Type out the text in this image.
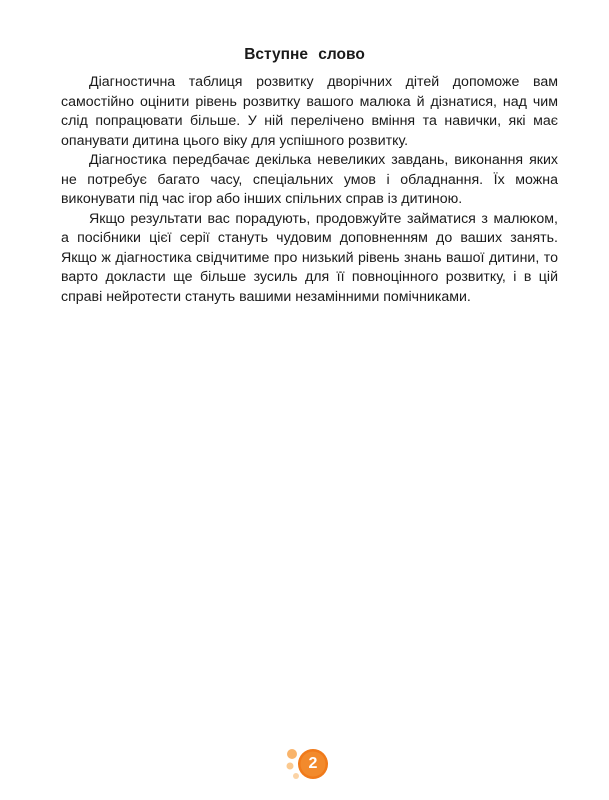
Вступне слово

Діагностична таблиця розвитку дворічних дітей допоможе вам самостійно оцінити рівень розвитку вашого малюка й дізнатися, над чим слід попрацювати більше. У ній перелічено вміння та навички, які має опанувати дитина цього віку для успішного розвитку.

Діагностика передбачає декілька невеликих завдань, виконання яких не потребує багато часу, спеціальних умов і обладнання. Їх можна виконувати під час ігор або інших спільних справ із дитиною.

Якщо результати вас порадують, продовжуйте займатися з малюком, а посібники цієї серії стануть чудовим доповненням до ваших занять. Якщо ж діагностика свідчитиме про низький рівень знань вашої дитини, то варто докласти ще більше зусиль для її повноцінного розвитку, і в цій справі нейротести стануть вашими незамінними помічниками.

2
